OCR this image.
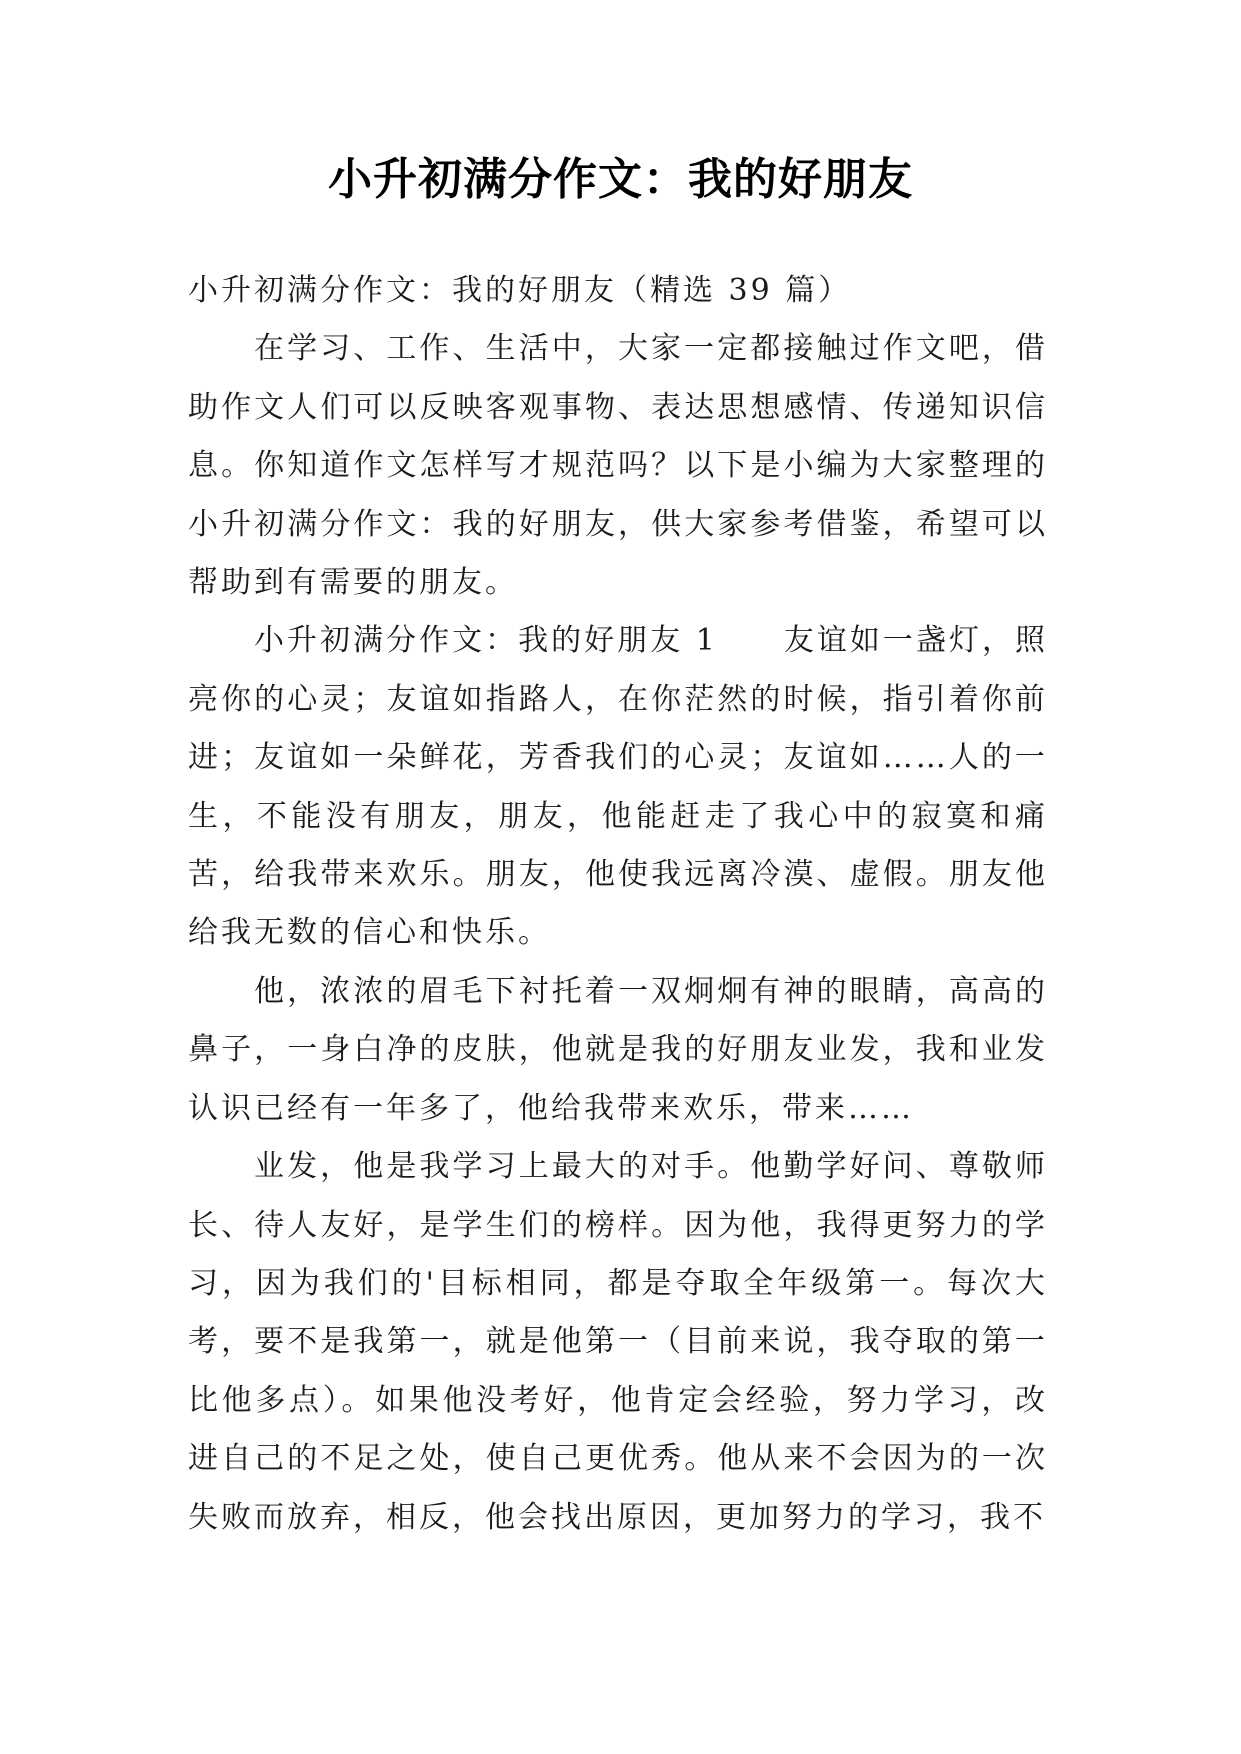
小升初满分作文：我的好朋友

小升初满分作文：我的好朋友（精选 39 篇）

在学习、工作、生活中，大家一定都接触过作文吧，借助作文人们可以反映客观事物、表达思想感情、传递知识信息。你知道作文怎样写才规范吗？以下是小编为大家整理的小升初满分作文：我的好朋友，供大家参考借鉴，希望可以帮助到有需要的朋友。

小升初满分作文：我的好朋友 1　　友谊如一盏灯，照亮你的心灵；友谊如指路人，在你茫然的时候，指引着你前进；友谊如一朵鲜花，芳香我们的心灵；友谊如……人的一生，不能没有朋友，朋友，他能赶走了我心中的寂寞和痛苦，给我带来欢乐。朋友，他使我远离冷漠、虚假。朋友他给我无数的信心和快乐。

他，浓浓的眉毛下衬托着一双炯炯有神的眼睛，高高的鼻子，一身白净的皮肤，他就是我的好朋友业发，我和业发认识已经有一年多了，他给我带来欢乐，带来……

业发，他是我学习上最大的对手。他勤学好问、尊敬师长、待人友好，是学生们的榜样。因为他，我得更努力的学习，因为我们的'目标相同，都是夺取全年级第一。每次大考，要不是我第一，就是他第一（目前来说，我夺取的第一比他多点）。如果他没考好，他肯定会经验，努力学习，改进自己的不足之处，使自己更优秀。他从来不会因为的一次失败而放弃，相反，他会找出原因，更加努力的学习，我不
